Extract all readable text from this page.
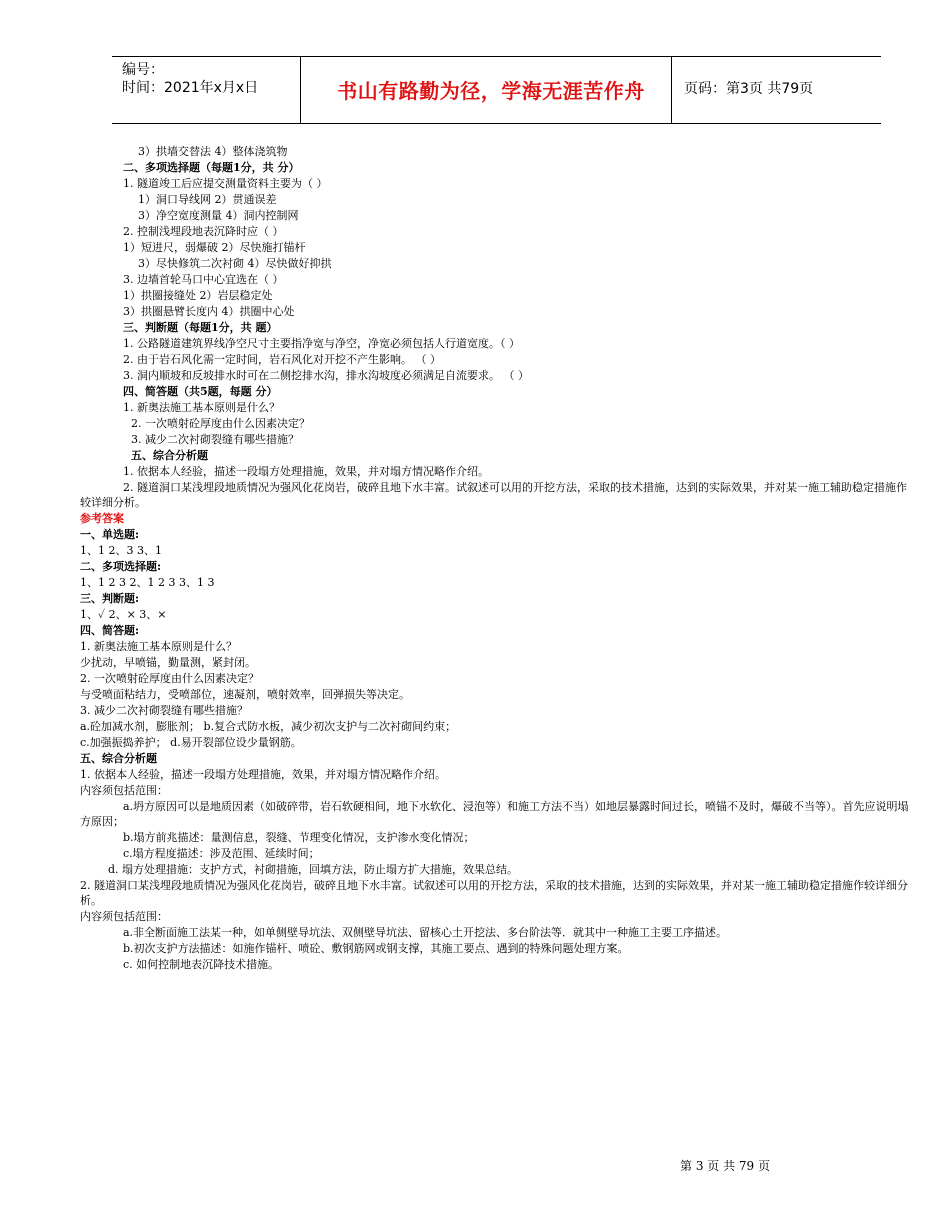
编号：
时间：2021年x月x日	书山有路勤为径，学海无涯苦作舟	页码：第3页 共79页
3）拱墙交替法 4）整体浇筑物
二、多项选择题（每题1分，共 分）
1. 隧道竣工后应提交测量资料主要为（ ）
1）洞口导线网 2）贯通误差
3）净空宽度测量 4）洞内控制网
2. 控制浅埋段地表沉降时应（ ）
1）短进尺，弱爆破 2）尽快施打锚杆
3）尽快修筑二次衬砌 4）尽快做好抑拱
3. 边墙首轮马口中心宜选在（ ）
1）拱圈接缝处 2）岩层稳定处
3）拱圈悬臂长度内 4）拱圈中心处
三、判断题（每题1分，共 题）
1. 公路隧道建筑界线净空尺寸主要指净宽与净空，净宽必须包括人行道宽度。（ ）
2. 由于岩石风化需一定时间，岩石风化对开挖不产生影响。 （ ）
3. 洞内顺坡和反坡排水时可在二侧挖排水沟，排水沟坡度必须满足自流要求。 （ ）
四、简答题（共5题，每题 分）
1. 新奥法施工基本原则是什么？
2. 一次喷射砼厚度由什么因素决定？
3. 减少二次衬砌裂缝有哪些措施？
五、综合分析题
1. 依据本人经验，描述一段塌方处理措施，效果，并对塌方情况略作介绍。
2. 隧道洞口某浅埋段地质情况为强风化花岗岩，破碎且地下水丰富。试叙述可以用的开挖方法，采取的技术措施，达到的实际效果，并对某一施工辅助稳定措施作较详细分析。
参考答案
一、单选题:
1、1 2、3 3、1
二、多项选择题:
1、1 2 3 2、1 2 3 3、1 3
三、判断题:
1、✓ 2、× 3、×
四、简答题:
1. 新奥法施工基本原则是什么？
少扰动，早喷锚，勤量测，紧封闭。
2. 一次喷射砼厚度由什么因素决定？
与受喷面粘结力，受喷部位，速凝剂，喷射效率，回弹损失等决定。
3. 减少二次衬砌裂缝有哪些措施？
a.砼加减水剂，膨胀剂； b.复合式防水板，减少初次支护与二次衬砌间约束；
c.加强振捣养护； d.易开裂部位设少量钢筋。
五、综合分析题
1. 依据本人经验，描述一段塌方处理措施，效果，并对塌方情况略作介绍。
内容须包括范围：
a.坍方原因可以是地质因素（如破碎带，岩石软硬相间，地下水软化、浸泡等）和施工方法不当）如地层暴露时间过长，喷锚不及时，爆破不当等）。首先应说明塌方原因；
b.塌方前兆描述：量测信息，裂缝、节理变化情况，支护渗水变化情况；
c.塌方程度描述：涉及范围、延续时间；
d. 塌方处理措施：支护方式，衬砌措施，回填方法，防止塌方扩大措施，效果总结。
2. 隧道洞口某浅埋段地质情况为强风化花岗岩，破碎且地下水丰富。试叙述可以用的开挖方法，采取的技术措施，达到的实际效果，并对某一施工辅助稳定措施作较详细分析。
内容须包括范围：
a.非全断面施工法某一种，如单侧壁导坑法、双侧壁导坑法、留核心土开挖法、多台阶法等．就其中一种施工主要工序描述。
b.初次支护方法描述：如施作锚杆、喷砼、敷钢筋网或钢支撑，其施工要点、遇到的特殊问题处理方案。
c. 如何控制地表沉降技术措施。
第 3 页 共 79 页
